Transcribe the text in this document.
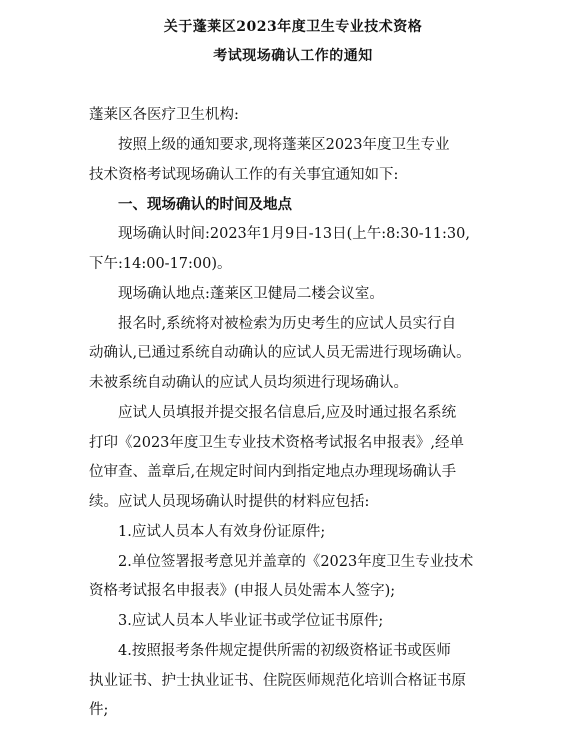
关于蓬莱区2023年度卫生专业技术资格
考试现场确认工作的通知

蓬莱区各医疗卫生机构:

按照上级的通知要求,现将蓬莱区2023年度卫生专业

技术资格考试现场确认工作的有关事宜通知如下:

一、现场确认的时间及地点

现场确认时间:2023年1月9日-13日(上午:8:30-11:30,

下午:14:00-17:00)。

现场确认地点:蓬莱区卫健局二楼会议室。

报名时,系统将对被检索为历史考生的应试人员实行自

动确认,已通过系统自动确认的应试人员无需进行现场确认。

未被系统自动确认的应试人员均须进行现场确认。

应试人员填报并提交报名信息后,应及时通过报名系统

打印《2023年度卫生专业技术资格考试报名申报表》,经单

位审查、盖章后,在规定时间内到指定地点办理现场确认手

续。应试人员现场确认时提供的材料应包括:

1.应试人员本人有效身份证原件;

2.单位签署报考意见并盖章的《2023年度卫生专业技术

资格考试报名申报表》(申报人员处需本人签字);

3.应试人员本人毕业证书或学位证书原件;

4.按照报考条件规定提供所需的初级资格证书或医师

执业证书、护士执业证书、住院医师规范化培训合格证书原

件;
